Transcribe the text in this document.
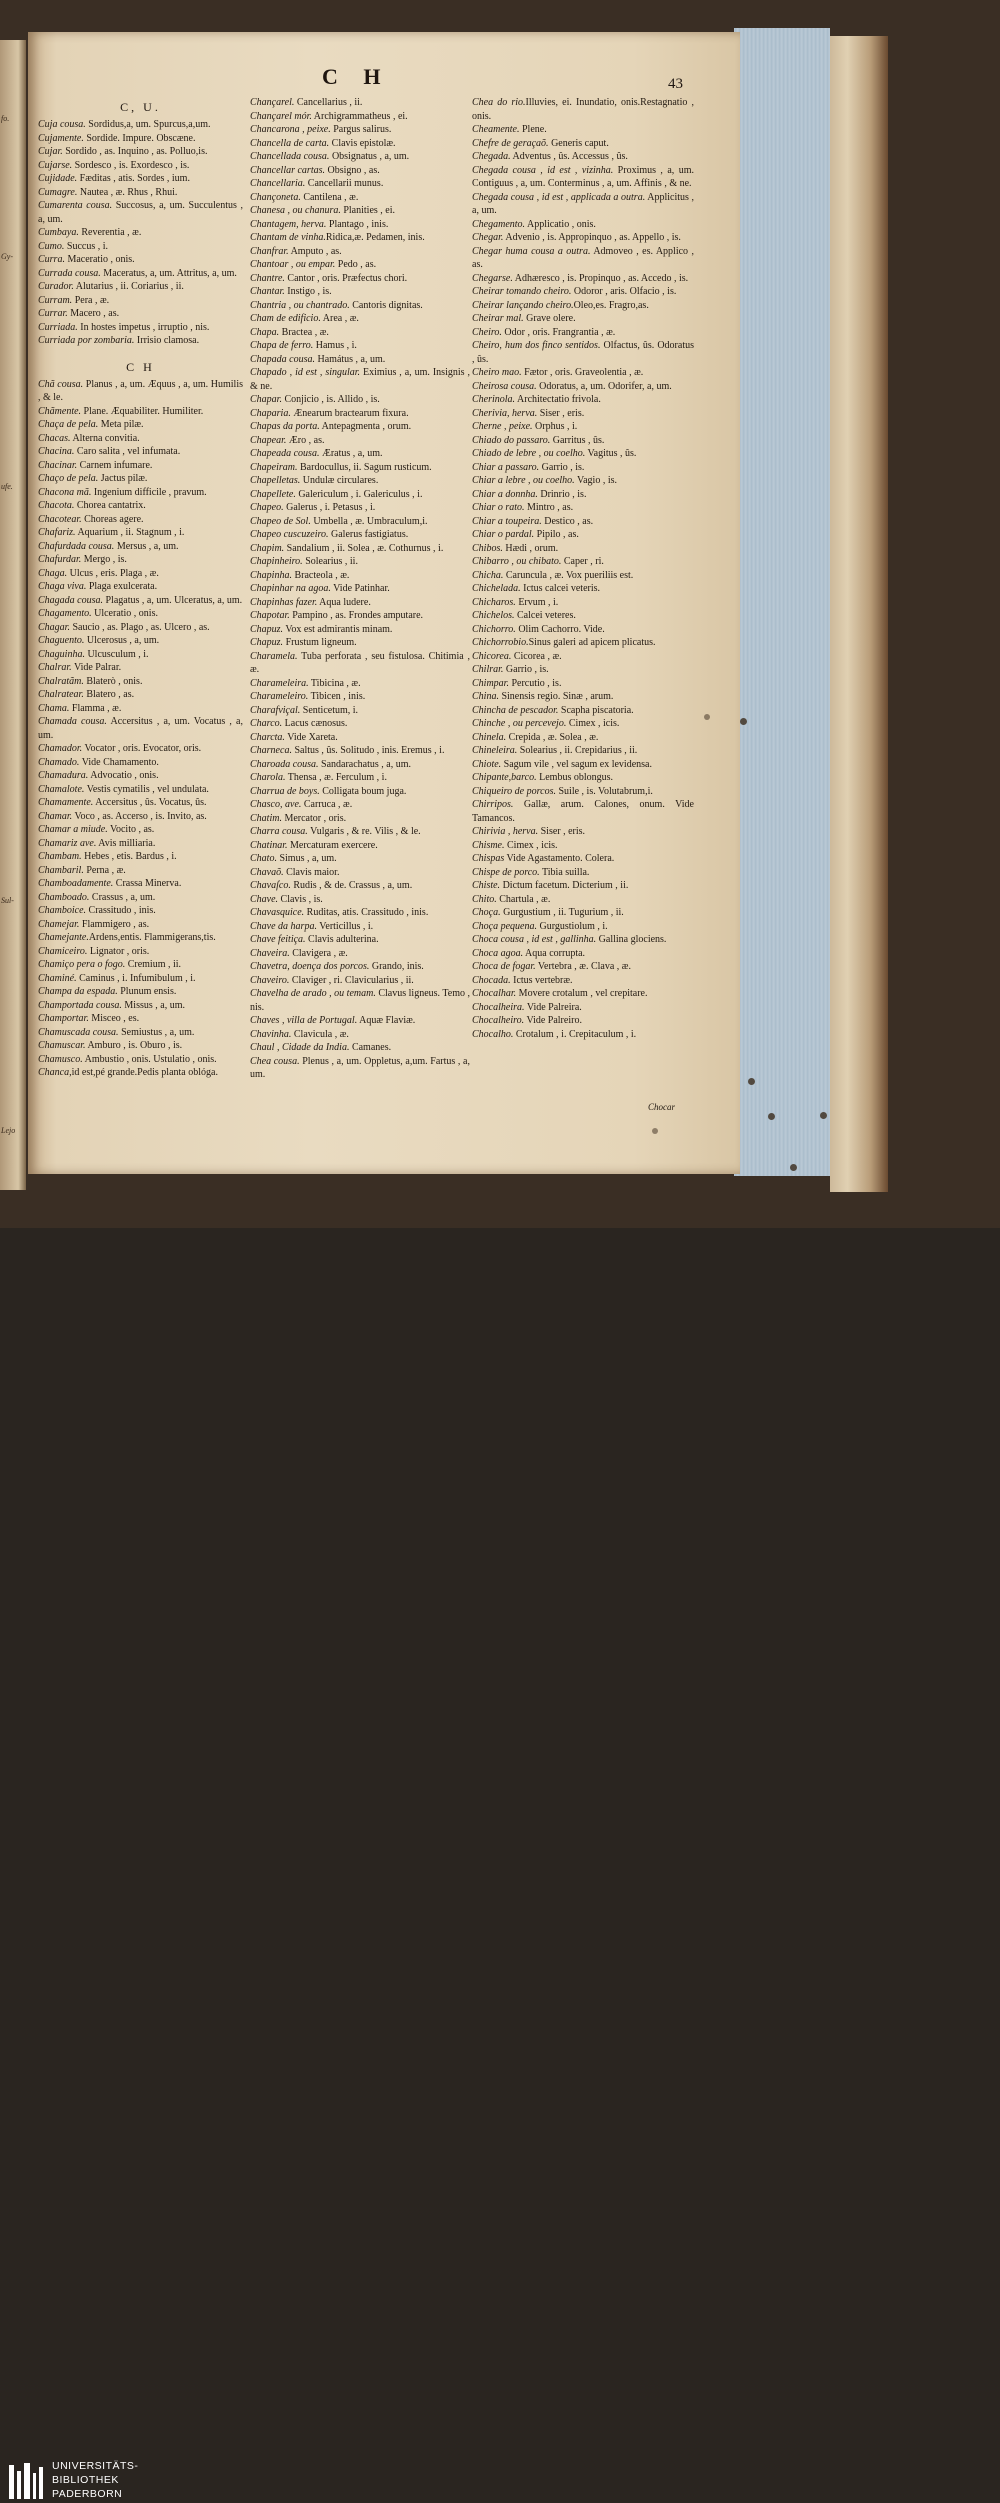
fo.
Gy-
ufe.
Sul-
Lejo
C H	43
C, U.

Cuja cousa. Sordidus,a, um. Spurcus,a,um.

Cujamente. Sordide. Impure. Obscæne.

Cujar. Sordido , as. Inquino , as. Polluo,is.

Cujarse. Sordesco , is. Exordesco , is.

Cujidade. Fæditas , atis. Sordes , ium.

Cumagre. Nautea , æ. Rhus , Rhui.

Cumarenta cousa. Succosus, a, um. Succulentus , a, um.

Cumbaya. Reverentia , æ.

Cumo. Succus , i.

Curra. Maceratio , onis.

Currada cousa. Maceratus, a, um. Attritus, a, um.

Curador. Alutarius , ii. Coriarius , ii.

Curram. Pera , æ.

Currar. Macero , as.

Curriada. In hostes impetus , irruptio , nis.

Curriada por zombaria. Irrisio clamosa.

C H

Chã cousa. Planus , a, um. Æquus , a, um. Humilis , & le.

Chãmente. Plane. Æquabiliter. Humiliter.

Chaça de pela. Meta pilæ.

Chacas. Alterna convitia.

Chacina. Caro salita , vel infumata.

Chacinar. Carnem infumare.

Chaço de pela. Jactus pilæ.

Chacona mã. Ingenium difficile , pravum.

Chacota. Chorea cantatrix.

Chacotear. Choreas agere.

Chafariz. Aquarium , ii. Stagnum , i.

Chafurdada cousa. Mersus , a, um.

Chafurdar. Mergo , is.

Chaga. Ulcus , eris. Plaga , æ.

Chaga viva. Plaga exulcerata.

Chagada cousa. Plagatus , a, um. Ulceratus, a, um.

Chagamento. Ulceratio , onis.

Chagar. Saucio , as. Plago , as. Ulcero , as.

Chaguento. Ulcerosus , a, um.

Chaguinha. Ulcusculum , i.

Chalrar. Vide Palrar.

Chalratãm. Blaterò , onis.

Chalratear. Blatero , as.

Chama. Flamma , æ.

Chamada cousa. Accersitus , a, um. Vocatus , a, um.

Chamador. Vocator , oris. Evocator, oris.

Chamado. Vide Chamamento.

Chamadura. Advocatio , onis.

Chamalote. Vestis cymatilis , vel undulata.

Chamamente. Accersitus , ûs. Vocatus, ûs.

Chamar. Voco , as. Accerso , is. Invito, as.

Chamar a miude. Vocito , as.

Chamariz ave. Avis milliaria.

Chambam. Hebes , etis. Bardus , i.

Chambaril. Perna , æ.

Chamboadamente. Crassa Minerva.

Chamboado. Crassus , a, um.

Chamboice. Crassitudo , inis.

Chamejar. Flammigero , as.

Chamejante.Ardens,entis. Flammigerans,tis.

Chamiceiro. Lignator , oris.

Chamiço pera o fogo. Cremium , ii.

Chaminé. Caminus , i. Infumibulum , i.

Champa da espada. Plunum ensis.

Champortada cousa. Missus , a, um.

Champortar. Misceo , es.

Chamuscada cousa. Semiustus , a, um.

Chamuscar. Amburo , is. Oburo , is.

Chamusco. Ambustio , onis. Ustulatio , onis.

Chanca,id est,pé grande.Pedis planta oblóga.

Chançarel. Cancellarius , ii.

Chançarel mór. Archigrammatheus , ei.

Chancarona , peixe. Pargus salirus.

Chancella de carta. Clavis epistolæ.

Chancellada cousa. Obsignatus , a, um.

Chancellar cartas. Obsigno , as.

Chancellaria. Cancellarii munus.

Chançoneta. Cantilena , æ.

Chanesa , ou chanura. Planities , ei.

Chantagem, herva. Plantago , inis.

Chantam de vinha.Ridica,æ. Pedamen, inis.

Chanfrar. Amputo , as.

Chantoar , ou empar. Pedo , as.

Chantre. Cantor , oris. Præfectus chori.

Chantar. Instigo , is.

Chantria , ou chantrado. Cantoris dignitas.

Cham de edificio. Area , æ.

Chapa. Bractea , æ.

Chapa de ferro. Hamus , i.

Chapada cousa. Hamátus , a, um.

Chapado , id est , singular. Eximius , a, um. Insignis , & ne.

Chapar. Conjicio , is. Allido , is.

Chaparia. Ænearum bractearum fixura.

Chapas da porta. Antepagmenta , orum.

Chapear. Æro , as.

Chapeada cousa. Æratus , a, um.

Chapeiram. Bardocullus, ii. Sagum rusticum.

Chapelletas. Undulæ circulares.

Chapellete. Galericulum , i. Galericulus , i.

Chapeo. Galerus , i. Petasus , i.

Chapeo de Sol. Umbella , æ. Umbraculum,i.

Chapeo cuscuzeiro. Galerus fastigiatus.

Chapim. Sandalium , ii. Solea , æ. Cothurnus , i.

Chapinheiro. Solearius , ii.

Chapinha. Bracteola , æ.

Chapinhar na agoa. Vide Patinhar.

Chapinhas fazer. Aqua ludere.

Chapotar. Pampino , as. Frondes amputare.

Chapuz. Vox est admirantis minam.

Chapuz. Frustum ligneum.

Charamela. Tuba perforata , seu fistulosa. Chitimia , æ.

Charameleira. Tibicina , æ.

Charameleiro. Tibicen , inis.

Charafviçal. Senticetum, i.

Charco. Lacus cænosus.

Charcta. Vide Xareta.

Charneca. Saltus , ûs. Solitudo , inis. Eremus , i.

Charoada cousa. Sandarachatus , a, um.

Charola. Thensa , æ. Ferculum , i.

Charrua de boys. Colligata boum juga.

Chasco, ave. Carruca , æ.

Chatim. Mercator , oris.

Charra cousa. Vulgaris , & re. Vilis , & le.

Chatinar. Mercaturam exercere.

Chato. Simus , a, um.

Chavaõ. Clavis maior.

Chavaſco. Rudis , & de. Crassus , a, um.

Chave. Clavis , is.

Chavasquice. Ruditas, atis. Crassitudo , inis.

Chave da harpa. Verticillus , i.

Chave feitiça. Clavis adulterina.

Chaveira. Clavigera , æ.

Chavetra, doença dos porcos. Grando, inis.

Chaveiro. Claviger , ri. Clavicularius , ii.

Chavelha de arado , ou temam. Clavus ligneus. Temo , nis.

Chaves , villa de Portugal. Aquæ Flaviæ.

Chavinha. Clavicula , æ.

Chaul , Cidade da India. Camanes.

Chea cousa. Plenus , a, um. Oppletus, a,um. Fartus , a, um.

Chea do rio.Illuvies, ei. Inundatio, onis.Restagnatio , onis.

Cheamente. Plene.

Chefre de geraçaõ. Generis caput.

Chegada. Adventus , ûs. Accessus , ûs.

Chegada cousa , id est , vizinha. Proximus , a, um. Contiguus , a, um. Conterminus , a, um. Affinis , & ne.

Chegada cousa , id est , applicada a outra. Applicitus , a, um.

Chegamento. Applicatio , onis.

Chegar. Advenio , is. Appropinquo , as. Appello , is.

Chegar huma cousa a outra. Admoveo , es. Applico , as.

Chegarse. Adhæresco , is. Propinquo , as. Accedo , is.

Cheirar tomando cheiro. Odoror , aris. Olfacio , is.

Cheirar lançando cheiro.Oleo,es. Fragro,as.

Cheirar mal. Grave olere.

Cheiro. Odor , oris. Frangrantia , æ.

Cheiro, hum dos finco sentidos. Olfactus, ûs. Odoratus , ûs.

Cheiro mao. Fætor , oris. Graveolentia , æ.

Cheirosa cousa. Odoratus, a, um. Odorifer, a, um.

Cherinola. Architectatio frivola.

Cherivia, herva. Siser , eris.

Cherne , peixe. Orphus , i.

Chiado do passaro. Garritus , ûs.

Chiado de lebre , ou coelho. Vagitus , ûs.

Chiar a passaro. Garrio , is.

Chiar a lebre , ou coelho. Vagio , is.

Chiar a donnha. Drinrio , is.

Chiar o rato. Mintro , as.

Chiar a toupeira. Destico , as.

Chiar o pardal. Pipilo , as.

Chibos. Hædi , orum.

Chibarro , ou chibato. Caper , ri.

Chicha. Caruncula , æ. Vox pueriliis est.

Chichelada. Ictus calcei veteris.

Chicharos. Ervum , i.

Chichelos. Calcei veteres.

Chichorro. Olim Cachorro. Vide.

Chichorrobio.Sinus galeri ad apicem plicatus.

Chicorea. Cicorea , æ.

Chilrar. Garrio , is.

Chimpar. Percutio , is.

China. Sinensis regio. Sinæ , arum.

Chincha de pescador. Scapha piscatoria.

Chinche , ou percevejo. Cimex , icis.

Chinela. Crepida , æ. Solea , æ.

Chineleira. Solearius , ii. Crepidarius , ii.

Chiote. Sagum vile , vel sagum ex levidensa.

Chipante,barco. Lembus oblongus.

Chiqueiro de porcos. Suile , is. Volutabrum,i.

Chirripos. Gallæ, arum. Calones, onum. Vide Tamancos.

Chirivia , herva. Siser , eris.

Chisme. Cimex , icis.

Chispas Vide Agastamento. Colera.

Chispe de porco. Tibia suilla.

Chiste. Dictum facetum. Dicterium , ii.

Chito. Chartula , æ.

Choça. Gurgustium , ii. Tugurium , ii.

Choça pequena. Gurgustiolum , i.

Choca cousa , id est , gallinha. Gallina glociens.

Choca agoa. Aqua corrupta.

Choca de fogar. Vertebra , æ. Clava , æ.

Chocada. Ictus vertebræ.

Chocalhar. Movere crotalum , vel crepitare.

Chocalheira. Vide Palreira.

Chocalheiro. Vide Palreiro.

Chocalho. Crotalum , i. Crepitaculum , i.

Chocar
UNIVERSITÄTS-
BIBLIOTHEK
PADERBORN
